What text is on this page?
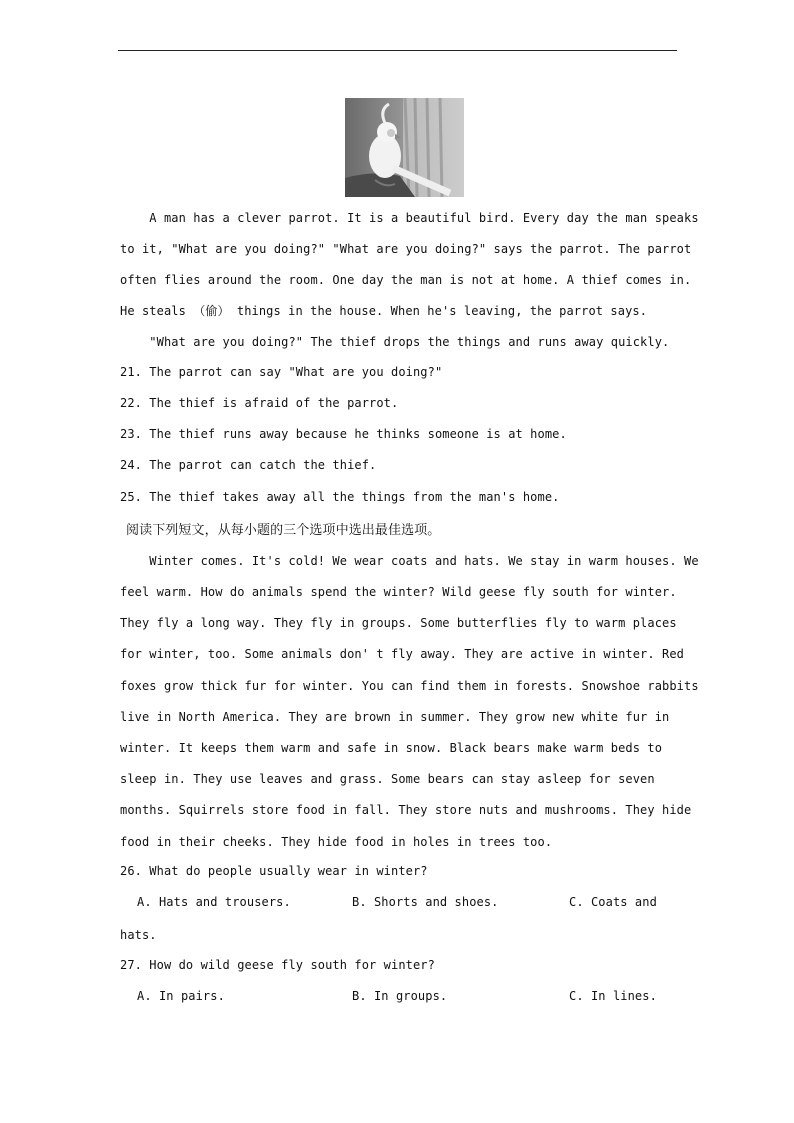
A man has a clever parrot. It is a beautiful bird. Every day the man speaks
to it, "What are you doing?" "What are you doing?" says the parrot. The parrot
often flies around the room. One day the man is not at home. A thief comes in.
He steals （偷） things in the house. When he's leaving, the parrot says.
"What are you doing?" The thief drops the things and runs away quickly.
21. The parrot can say "What are you doing?"
22. The thief is afraid of the parrot.
23. The thief runs away because he thinks someone is at home.
24. The parrot can catch the thief.
25. The thief takes away all the things from the man's home.
阅读下列短文，从每小题的三个选项中选出最佳选项。
Winter comes. It's cold! We wear coats and hats. We stay in warm houses. We
feel warm. How do animals spend the winter? Wild geese fly south for winter.
They fly a long way. They fly in groups. Some butterflies fly to warm places
for winter, too. Some animals don' t fly away. They are active in winter. Red
foxes grow thick fur for winter. You can find them in forests. Snowshoe rabbits
live in North America. They are brown in summer. They grow new white fur in
winter. It keeps them warm and safe in snow. Black bears make warm beds to
sleep in. They use leaves and grass. Some bears can stay asleep for seven
months. Squirrels store food in fall. They store nuts and mushrooms. They hide
food in their cheeks. They hide food in holes in trees too.
26. What do people usually wear in winter?
A. Hats and trousers.	B. Shorts and shoes.	C. Coats and
hats.
27. How do wild geese fly south for winter?
A. In pairs.	B. In groups.	C. In lines.
